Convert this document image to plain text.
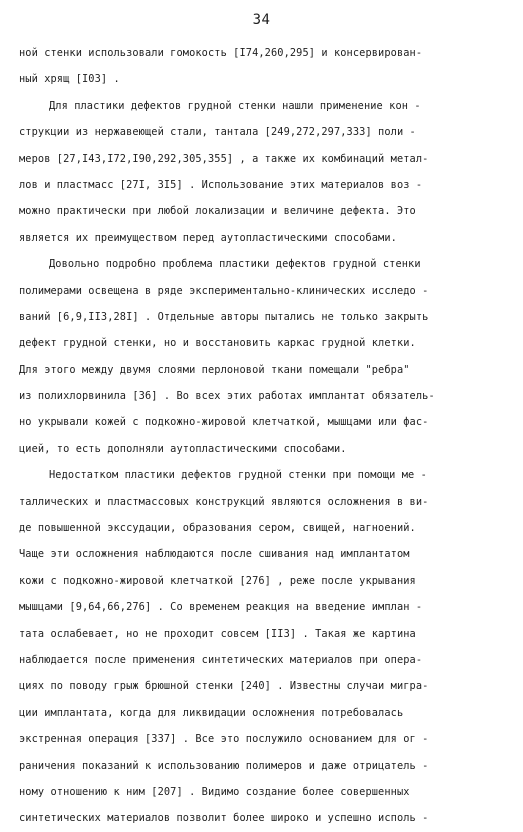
34
ной стенки использовали гомокость [I74,260,295] и консервирован-
ный хрящ [I03] .
Для пластики дефектов грудной стенки нашли применение кон -
струкции из нержавеющей стали, тантала [249,272,297,333] поли -
меров [27,I43,I72,I90,292,305,355] , а также их комбинаций метал-
лов и пластмасс [27I, 3I5] . Использование этих материалов воз -
можно практически при любой локализации и величине дефекта. Это
является их преимуществом перед аутопластическими способами.
Довольно подробно проблема пластики дефектов грудной стенки
полимерами освещена в ряде экспериментально-клинических исследо -
ваний [6,9,II3,28I] . Отдельные авторы пытались не только закрыть
дефект грудной стенки, но и восстановить каркас грудной клетки.
Для этого между двумя слоями перлоновой ткани помещали "ребра"
из полихлорвинила [36] . Во всех этих работах имплантат обязатель-
но укрывали кожей с подкожно-жировой клетчаткой, мышцами или фас-
цией, то есть дополняли аутопластическими способами.
Недостатком пластики дефектов грудной стенки при помощи ме -
таллических и пластмассовых конструкций являются осложнения в ви-
де повышенной экссудации, образования сером, свищей, нагноений.
Чаще эти осложнения наблюдаются после сшивания над имплантатом
кожи с подкожно-жировой клетчаткой [276] , реже после укрывания
мышцами [9,64,66,276] . Со временем реакция на введение имплан -
тата ослабевает, но не проходит совсем [II3] . Такая же картина
наблюдается после применения синтетических материалов при опера-
циях по поводу грыж брюшной стенки [240] . Известны случаи мигра-
ции имплантата, когда для ликвидации осложнения потребовалась
экстренная операция [337] . Все это послужило основанием для ог -
раничения показаний к использованию полимеров и даже отрицатель -
ному отношению к ним [207] . Видимо создание более совершенных
синтетических материалов позволит более широко и успешно исполь -
